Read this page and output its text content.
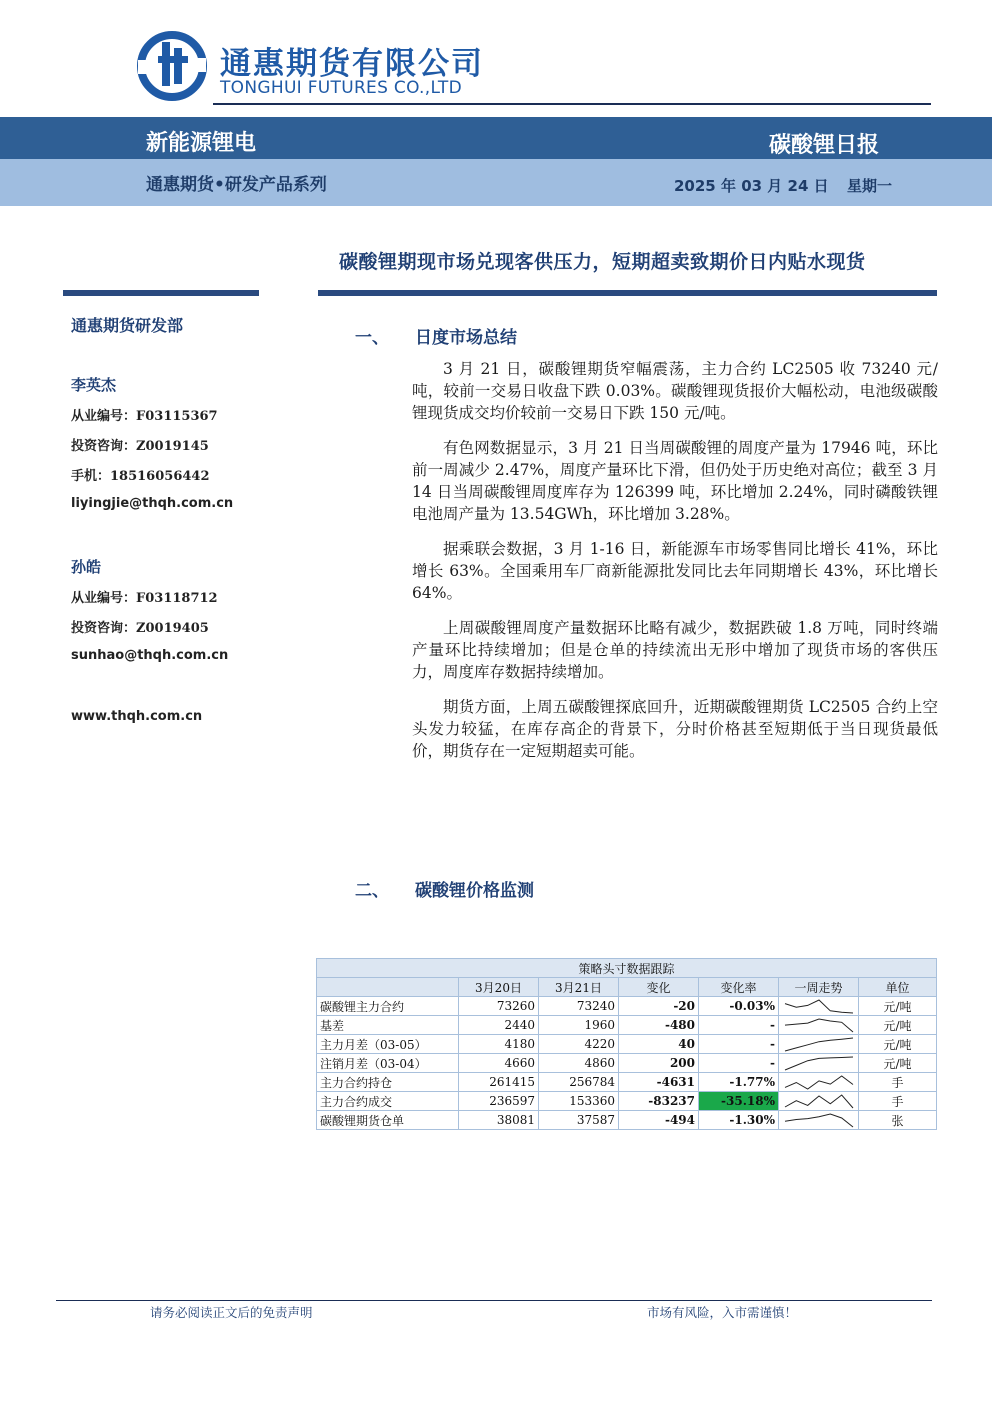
通惠期货有限公司
TONGHUI FUTURES CO.,LTD
新能源锂电	碳酸锂日报
通惠期货•研发产品系列	2025 年 03 月 24 日 星期一
碳酸锂期现市场兑现客供压力，短期超卖致期价日内贴水现货
通惠期货研发部
李英杰
从业编号：F03115367
投资咨询：Z0019145
手机：18516056442
liyingjie@thqh.com.cn
孙皓
从业编号：F03118712
投资咨询：Z0019405
sunhao@thqh.com.cn
www.thqh.com.cn
一、 日度市场总结

3 月 21 日，碳酸锂期货窄幅震荡，主力合约 LC2505 收 73240 元/吨，较前一交易日收盘下跌 0.03%。碳酸锂现货报价大幅松动，电池级碳酸锂现货成交均价较前一交易日下跌 150 元/吨。

有色网数据显示，3 月 21 日当周碳酸锂的周度产量为 17946 吨，环比前一周减少 2.47%，周度产量环比下滑，但仍处于历史绝对高位；截至 3 月 14 日当周碳酸锂周度库存为 126399 吨，环比增加 2.24%，同时磷酸铁锂电池周产量为 13.54GWh，环比增加 3.28%。

据乘联会数据，3 月 1-16 日，新能源车市场零售同比增长 41%，环比增长 63%。全国乘用车厂商新能源批发同比去年同期增长 43%，环比增长 64%。

上周碳酸锂周度产量数据环比略有减少，数据跌破 1.8 万吨，同时终端产量环比持续增加；但是仓单的持续流出无形中增加了现货市场的客供压力，周度库存数据持续增加。

期货方面，上周五碳酸锂探底回升，近期碳酸锂期货 LC2505 合约上空头发力较猛，在库存高企的背景下，分时价格甚至短期低于当日现货最低价，期货存在一定短期超卖可能。

二、 碳酸锂价格监测
策略头寸数据跟踪						
	3月20日	3月21日	变化	变化率	一周走势	单位
碳酸锂主力合约	73260	73240	-20	-0.03%		元/吨
基差	2440	1960	-480	-		元/吨
主力月差（03-05）	4180	4220	40	-		元/吨
注销月差（03-04）	4660	4860	200	-		元/吨
主力合约持仓	261415	256784	-4631	-1.77%		手
主力合约成交	236597	153360	-83237	-35.18%		手
碳酸锂期货仓单	38081	37587	-494	-1.30%		张
请务必阅读正文后的免责声明	市场有风险，入市需谨慎！
